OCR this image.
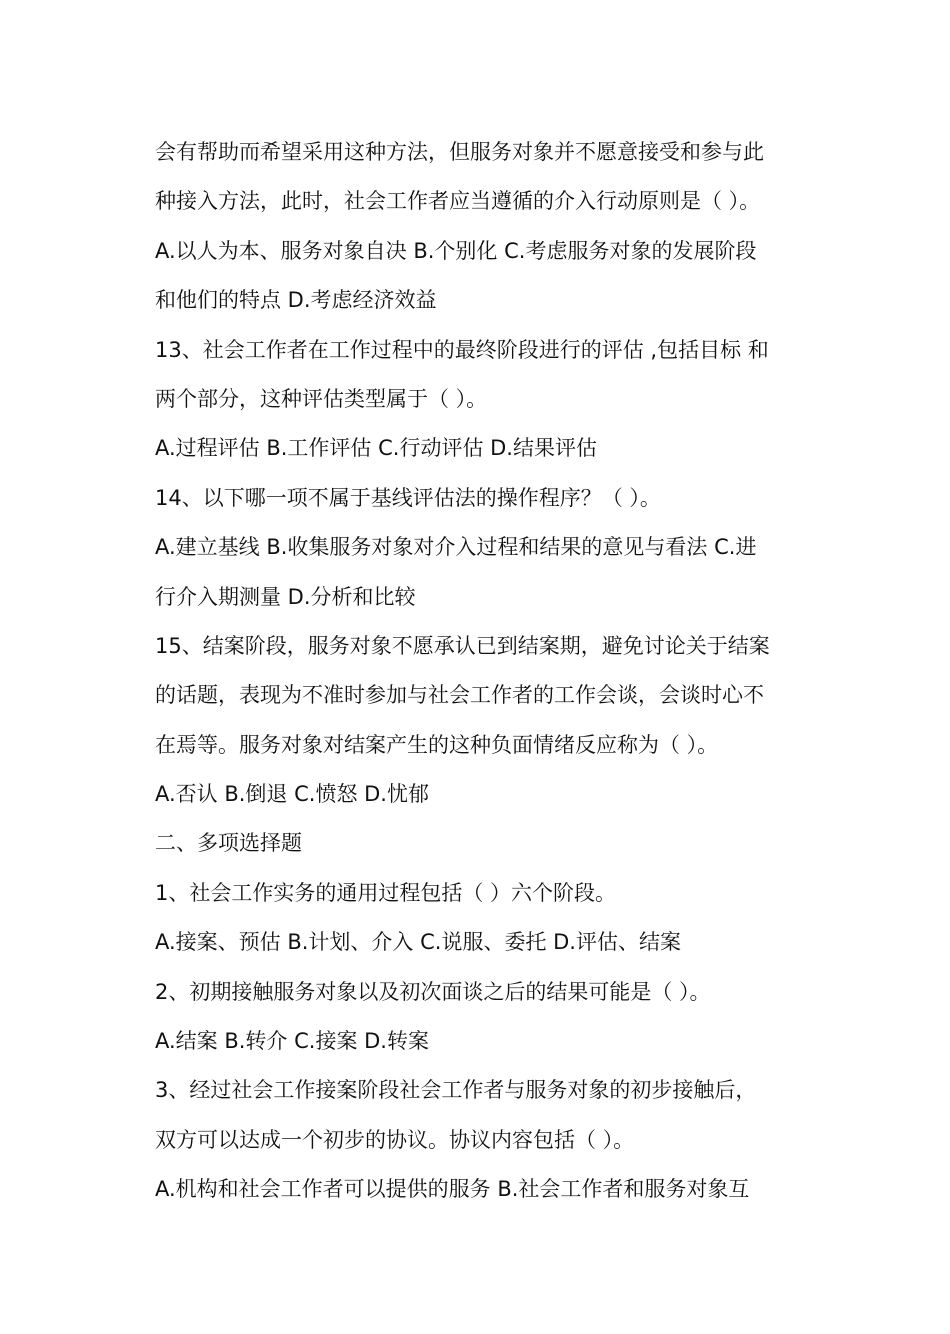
会有帮助而希望采用这种方法，但服务对象并不愿意接受和参与此
种接入方法，此时，社会工作者应当遵循的介入行动原则是（ ）。
A.以人为本、服务对象自决 B.个别化 C.考虑服务对象的发展阶段
和他们的特点 D.考虑经济效益
13、社会工作者在工作过程中的最终阶段进行的评估 ,包括目标 和
两个部分，这种评估类型属于（ ）。
A.过程评估 B.工作评估 C.行动评估 D.结果评估
14、以下哪一项不属于基线评估法的操作程序？（ ）。
A.建立基线 B.收集服务对象对介入过程和结果的意见与看法 C.进
行介入期测量 D.分析和比较
15、结案阶段，服务对象不愿承认已到结案期，避免讨论关于结案
的话题，表现为不准时参加与社会工作者的工作会谈，会谈时心不
在焉等。服务对象对结案产生的这种负面情绪反应称为（ ）。
A.否认 B.倒退 C.愤怒 D.忧郁
二、多项选择题
1、社会工作实务的通用过程包括（ ）六个阶段。
A.接案、预估 B.计划、介入 C.说服、委托 D.评估、结案
2、初期接触服务对象以及初次面谈之后的结果可能是（ ）。
A.结案 B.转介 C.接案 D.转案
3、经过社会工作接案阶段社会工作者与服务对象的初步接触后，
双方可以达成一个初步的协议。协议内容包括（ ）。
A.机构和社会工作者可以提供的服务 B.社会工作者和服务对象互
